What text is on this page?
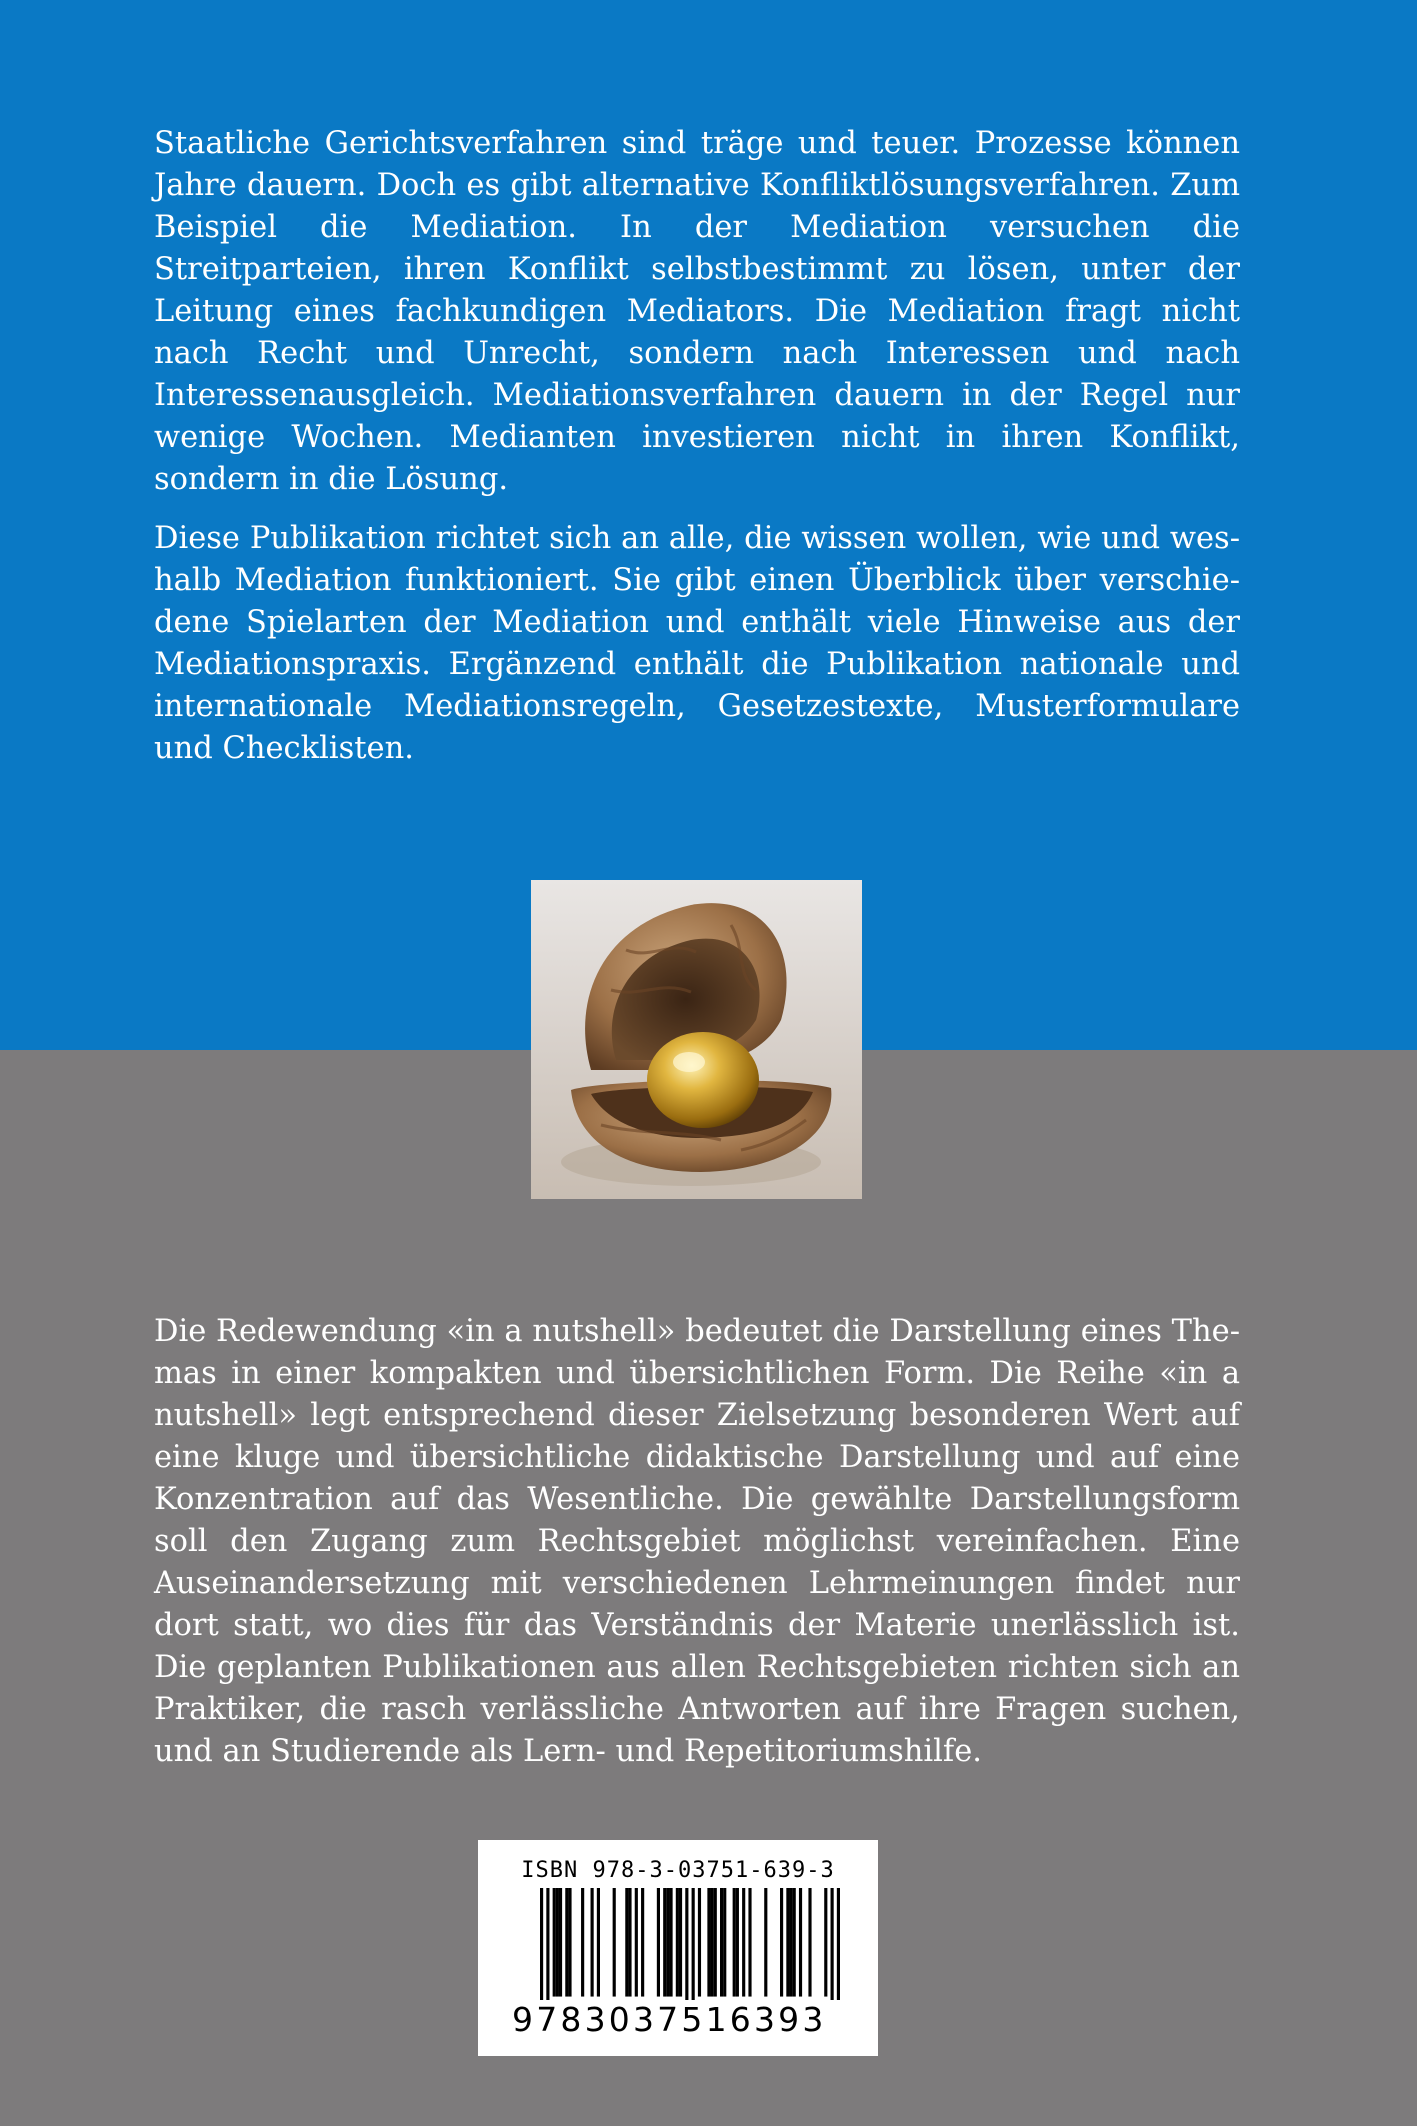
Staatliche Gerichtsverfahren sind träge und teuer. Prozesse können Jahre dauern. Doch es gibt alternative Konfliktlösungsverfahren. Zum Beispiel die Mediation. In der Mediation versuchen die Streitparteien, ihren Konflikt selbstbestimmt zu lösen, unter der Leitung eines fachkundigen Mediators. Die Mediation fragt nicht nach Recht und Unrecht, sondern nach Interessen und nach Interessenausgleich. Mediationsverfahren dauern in der Regel nur wenige Wochen. Medianten investieren nicht in ihren Konflikt, sondern in die Lösung.

Diese Publikation richtet sich an alle, die wissen wollen, wie und weshalb Mediation funktioniert. Sie gibt einen Überblick über verschiedene Spielarten der Mediation und enthält viele Hinweise aus der Mediationspraxis. Ergänzend enthält die Publikation nationale und internationale Mediationsregeln, Gesetzestexte, Musterformulare und Checklisten.

Die Redewendung «in a nutshell» bedeutet die Darstellung eines Themas in einer kompakten und übersichtlichen Form. Die Reihe «in a nutshell» legt entsprechend dieser Zielsetzung besonderen Wert auf eine kluge und übersichtliche didaktische Darstellung und auf eine Konzentration auf das Wesentliche. Die gewählte Darstellungsform soll den Zugang zum Rechtsgebiet möglichst vereinfachen. Eine Auseinandersetzung mit verschiedenen Lehrmeinungen findet nur dort statt, wo dies für das Verständnis der Materie unerlässlich ist. Die geplanten Publikationen aus allen Rechtsgebieten richten sich an Praktiker, die rasch verlässliche Antworten auf ihre Fragen suchen, und an Studierende als Lern- und Repetitoriumshilfe.

ISBN 978-3-03751-639-3
9783037516393
